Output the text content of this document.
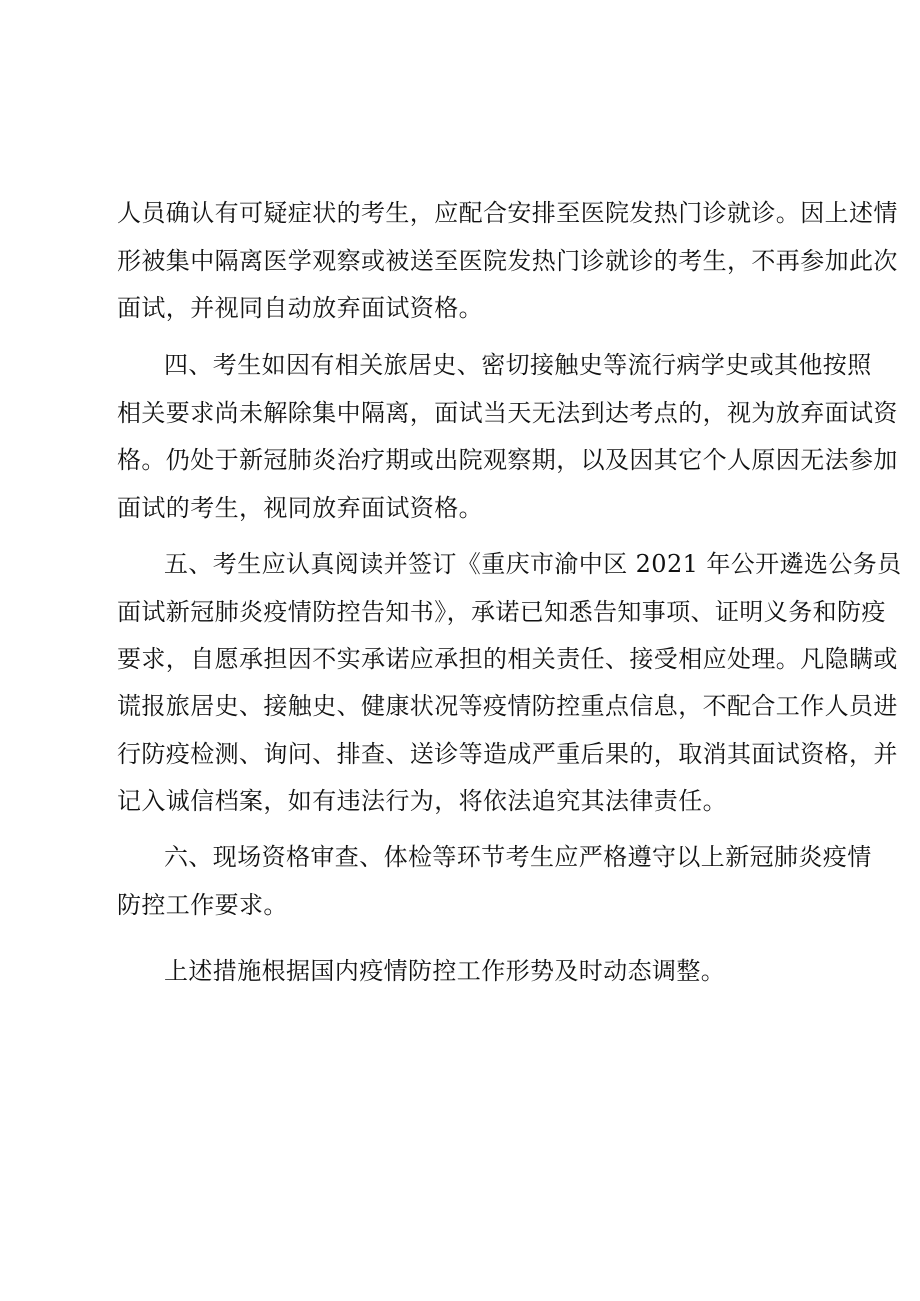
人员确认有可疑症状的考生，应配合安排至医院发热门诊就诊。因上述情
形被集中隔离医学观察或被送至医院发热门诊就诊的考生，不再参加此次
面试，并视同自动放弃面试资格。
四、考生如因有相关旅居史、密切接触史等流行病学史或其他按照
相关要求尚未解除集中隔离，面试当天无法到达考点的，视为放弃面试资
格。仍处于新冠肺炎治疗期或出院观察期，以及因其它个人原因无法参加
面试的考生，视同放弃面试资格。
五、考生应认真阅读并签订《重庆市渝中区 2021 年公开遴选公务员
面试新冠肺炎疫情防控告知书》，承诺已知悉告知事项、证明义务和防疫
要求，自愿承担因不实承诺应承担的相关责任、接受相应处理。凡隐瞒或
谎报旅居史、接触史、健康状况等疫情防控重点信息，不配合工作人员进
行防疫检测、询问、排查、送诊等造成严重后果的，取消其面试资格，并
记入诚信档案，如有违法行为，将依法追究其法律责任。
六、现场资格审查、体检等环节考生应严格遵守以上新冠肺炎疫情
防控工作要求。
上述措施根据国内疫情防控工作形势及时动态调整。
